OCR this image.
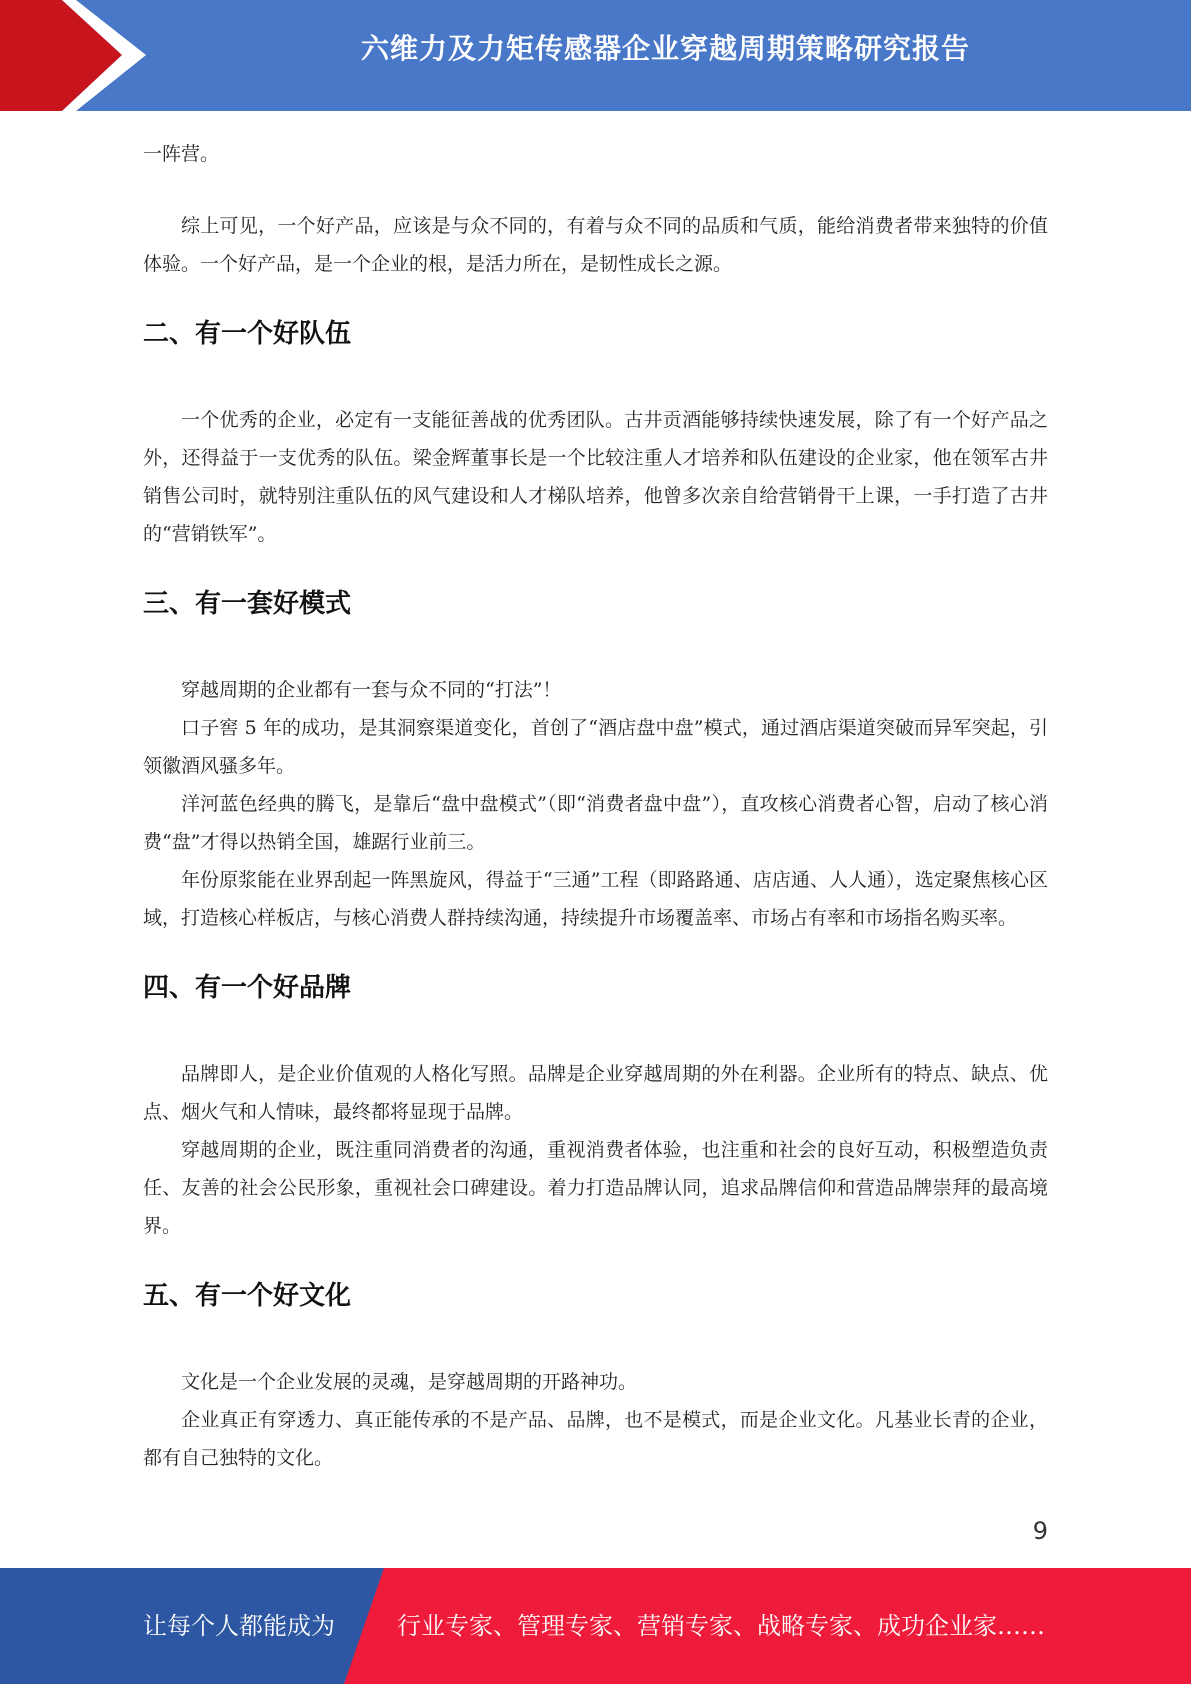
六维力及力矩传感器企业穿越周期策略研究报告

一阵营。

综上可见，一个好产品，应该是与众不同的，有着与众不同的品质和气质，能给消费者带来独特的价值体验。一个好产品，是一个企业的根，是活力所在，是韧性成长之源。

二、有一个好队伍

一个优秀的企业，必定有一支能征善战的优秀团队。古井贡酒能够持续快速发展，除了有一个好产品之外，还得益于一支优秀的队伍。梁金辉董事长是一个比较注重人才培养和队伍建设的企业家，他在领军古井销售公司时，就特别注重队伍的风气建设和人才梯队培养，他曾多次亲自给营销骨干上课，一手打造了古井的“营销铁军”。

三、有一套好模式

穿越周期的企业都有一套与众不同的“打法”！

口子窖 5 年的成功，是其洞察渠道变化，首创了“酒店盘中盘”模式，通过酒店渠道突破而异军突起，引领徽酒风骚多年。

洋河蓝色经典的腾飞，是靠后“盘中盘模式”（即“消费者盘中盘”），直攻核心消费者心智，启动了核心消费“盘”才得以热销全国，雄踞行业前三。

年份原浆能在业界刮起一阵黑旋风，得益于“三通”工程（即路路通、店店通、人人通），选定聚焦核心区域，打造核心样板店，与核心消费人群持续沟通，持续提升市场覆盖率、市场占有率和市场指名购买率。

四、有一个好品牌

品牌即人，是企业价值观的人格化写照。品牌是企业穿越周期的外在利器。企业所有的特点、缺点、优点、烟火气和人情味，最终都将显现于品牌。

穿越周期的企业，既注重同消费者的沟通，重视消费者体验，也注重和社会的良好互动，积极塑造负责任、友善的社会公民形象，重视社会口碑建设。着力打造品牌认同，追求品牌信仰和营造品牌崇拜的最高境界。

五、有一个好文化

文化是一个企业发展的灵魂，是穿越周期的开路神功。

企业真正有穿透力、真正能传承的不是产品、品牌，也不是模式，而是企业文化。凡基业长青的企业，都有自己独特的文化。

9
让每个人都能成为	行业专家、管理专家、营销专家、战略专家、成功企业家……
